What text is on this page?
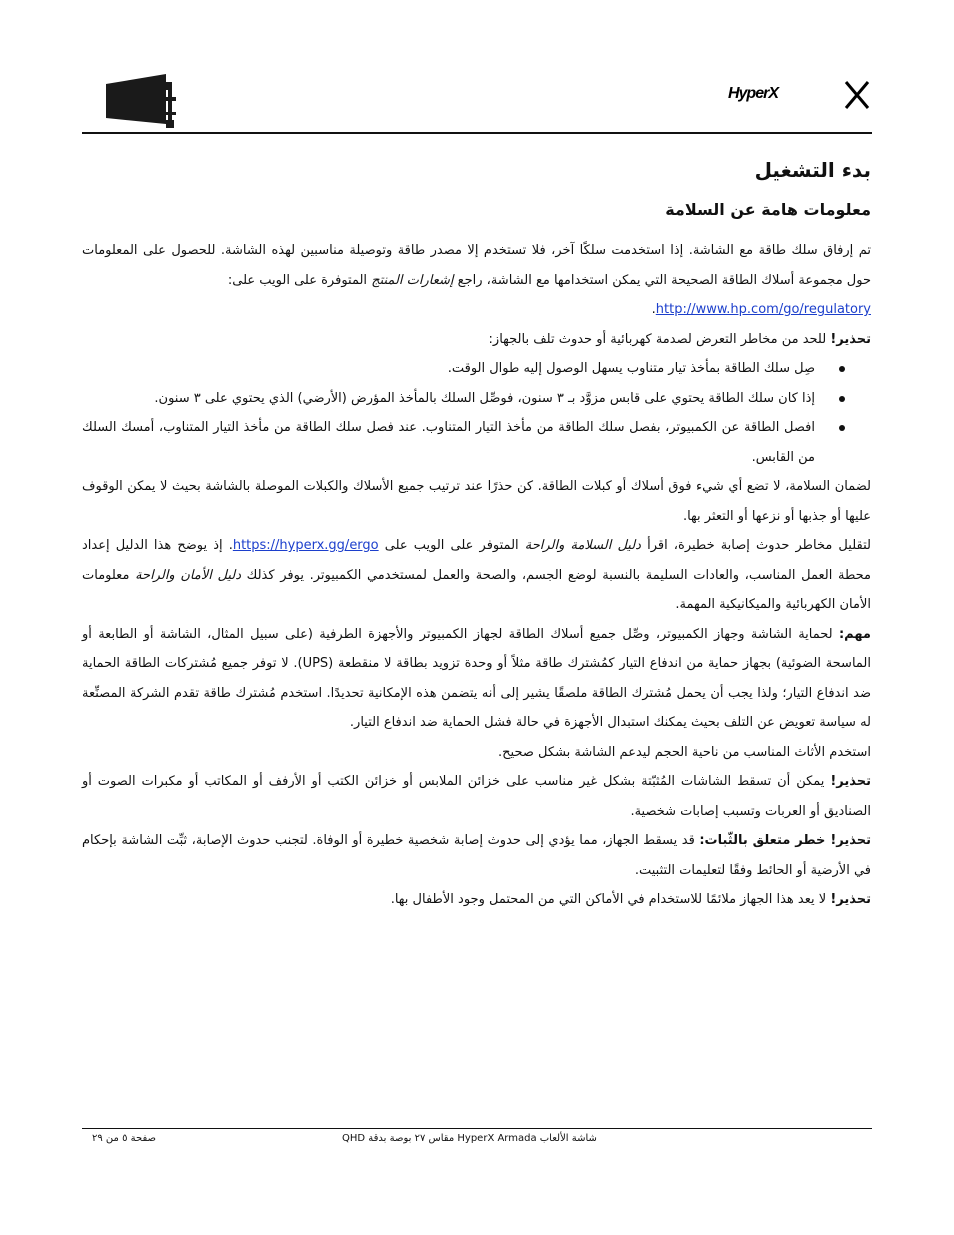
HyperX
بدء التشغيل
معلومات هامة عن السلامة

تم إرفاق سلك طاقة مع الشاشة. إذا استخدمت سلكًا آخر، فلا تستخدم إلا مصدر طاقة وتوصيلة مناسبين لهذه الشاشة. للحصول على المعلومات حول مجموعة أسلاك الطاقة الصحيحة التي يمكن استخدامها مع الشاشة، راجع إشعارات المنتج المتوفرة على الويب على:

.http://www.hp.com/go/regulatory

تحذير! للحد من مخاطر التعرض لصدمة كهربائية أو حدوث تلف بالجهاز:

صِل سلك الطاقة بمأخذ تيار متناوب يسهل الوصول إليه طوال الوقت.
إذا كان سلك الطاقة يحتوي على قابس مزوَّد بـ ٣ سنون، فوصِّل السلك بالمأخذ المؤرض (الأرضي) الذي يحتوي على ٣ سنون.
افصل الطاقة عن الكمبيوتر، بفصل سلك الطاقة من مأخذ التيار المتناوب. عند فصل سلك الطاقة من مأخذ التيار المتناوب، أمسك السلك من القابس.

لضمان السلامة، لا تضع أي شيء فوق أسلاك أو كبلات الطاقة. كن حذرًا عند ترتيب جميع الأسلاك والكبلات الموصلة بالشاشة بحيث لا يمكن الوقوف عليها أو جذبها أو نزعها أو التعثر بها.

لتقليل مخاطر حدوث إصابة خطيرة، اقرأ دليل السلامة والراحة المتوفر على الويب على https://hyperx.gg/ergo. إذ يوضح هذا الدليل إعداد محطة العمل المناسب، والعادات السليمة بالنسبة لوضع الجسم، والصحة والعمل لمستخدمي الكمبيوتر. يوفر كذلك دليل الأمان والراحة معلومات الأمان الكهربائية والميكانيكية المهمة.

مهم: لحماية الشاشة وجهاز الكمبيوتر، وصِّل جميع أسلاك الطاقة لجهاز الكمبيوتر والأجهزة الطرفية (على سبيل المثال، الشاشة أو الطابعة أو الماسحة الضوئية) بجهاز حماية من اندفاع التيار كمُشترك طاقة مثلاً أو وحدة تزويد بطاقة لا منقطعة (UPS). لا توفر جميع مُشتركات الطاقة الحماية ضد اندفاع التيار؛ ولذا يجب أن يحمل مُشترك الطاقة ملصقًا يشير إلى أنه يتضمن هذه الإمكانية تحديدًا. استخدم مُشترك طاقة تقدم الشركة المصنِّعة له سياسة تعويض عن التلف بحيث يمكنك استبدال الأجهزة في حالة فشل الحماية ضد اندفاع التيار.

استخدم الأثاث المناسب من ناحية الحجم ليدعم الشاشة بشكل صحيح.

تحذير! يمكن أن تسقط الشاشات المُثبّتة بشكل غير مناسب على خزائن الملابس أو خزائن الكتب أو الأرفف أو المكاتب أو مكبرات الصوت أو الصناديق أو العربات وتسبب إصابات شخصية.

تحذير! خطر متعلق بالثّبات: قد يسقط الجهاز، مما يؤدي إلى حدوث إصابة شخصية خطيرة أو الوفاة. لتجنب حدوث الإصابة، ثبِّت الشاشة بإحكام في الأرضية أو الحائط وفقًا لتعليمات التثبيت.

تحذير! لا يعد هذا الجهاز ملائمًا للاستخدام في الأماكن التي من المحتمل وجود الأطفال بها.

صفحة ٥ من ٢٩	شاشة الألعاب HyperX Armada مقاس ٢٧ بوصة بدقة QHD
